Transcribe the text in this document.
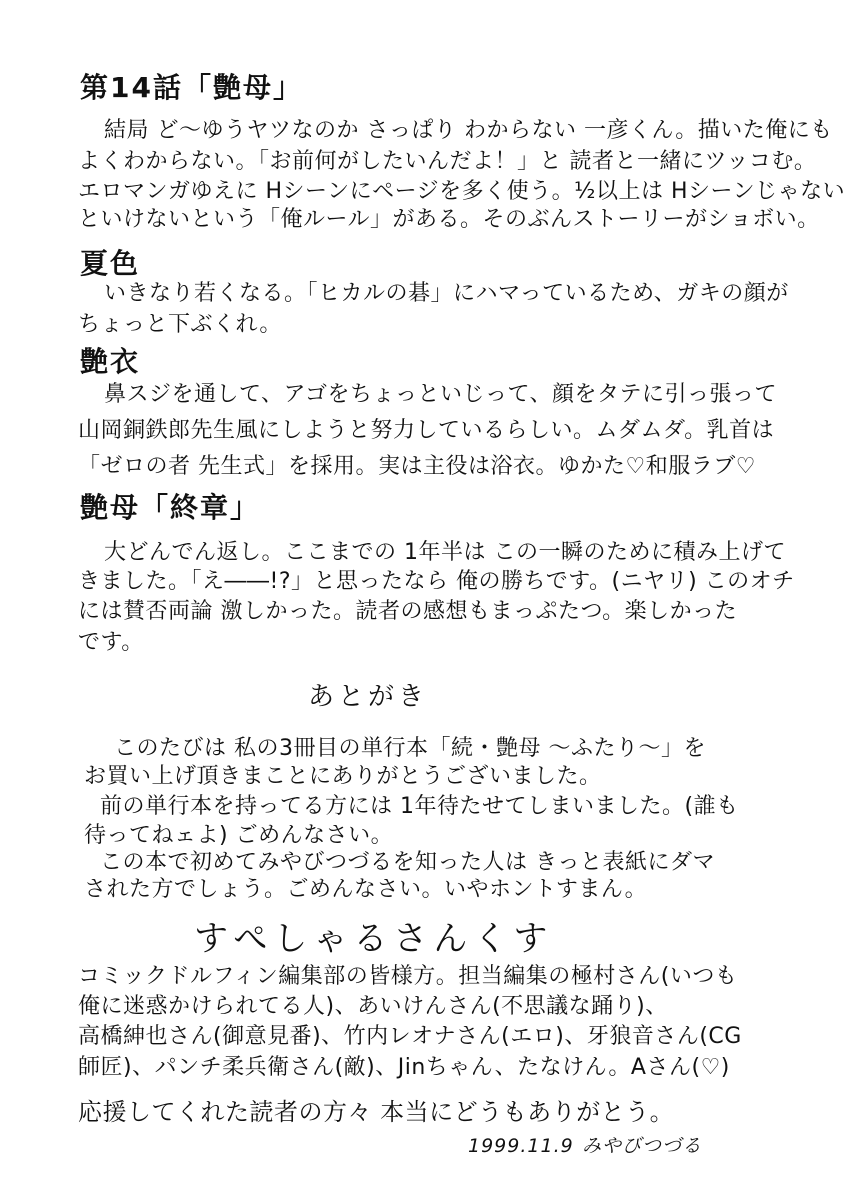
第14話「艶母」
結局 ど～ゆうヤツなのか さっぱり わからない 一彦くん。描いた俺にも
よくわからない。「お前何がしたいんだよ！」と 読者と一緒にツッコむ。
エロマンガゆえに Hシーンにページを多く使う。½以上は Hシーンじゃない
といけないという「俺ルール」がある。そのぶんストーリーがショボい。
夏色
いきなり若くなる。「ヒカルの碁」にハマっているため、ガキの顔が
ちょっと下ぶくれ。
艶衣
鼻スジを通して、アゴをちょっといじって、顔をタテに引っ張って
山岡銅鉄郎先生風にしようと努力しているらしい。ムダムダ。乳首は
「ゼロの者 先生式」を採用。実は主役は浴衣。ゆかた♡和服ラブ♡
艶母「終章」
大どんでん返し。ここまでの 1年半は この一瞬のために積み上げて
きました。「え――!?」と思ったなら 俺の勝ちです。(ニヤリ) このオチ
には賛否両論 激しかった。読者の感想もまっぷたつ。楽しかった
です。
あとがき
このたびは 私の3冊目の単行本「続・艶母 ～ふたり～」を
お買い上げ頂きまことにありがとうございました。
前の単行本を持ってる方には 1年待たせてしまいました。(誰も
待ってねェよ) ごめんなさい。
この本で初めてみやびつづるを知った人は きっと表紙にダマ
された方でしょう。ごめんなさい。いやホントすまん。
すぺしゃるさんくす
コミックドルフィン編集部の皆様方。担当編集の極村さん(いつも
俺に迷惑かけられてる人)、あいけんさん(不思議な踊り)、
高橋紳也さん(御意見番)、竹内レオナさん(エロ)、牙狼音さん(CG
師匠)、パンチ柔兵衛さん(敵)、Jinちゃん、たなけん。Aさん(♡)
応援してくれた読者の方々 本当にどうもありがとう。
1999.11.9 みやびつづる
